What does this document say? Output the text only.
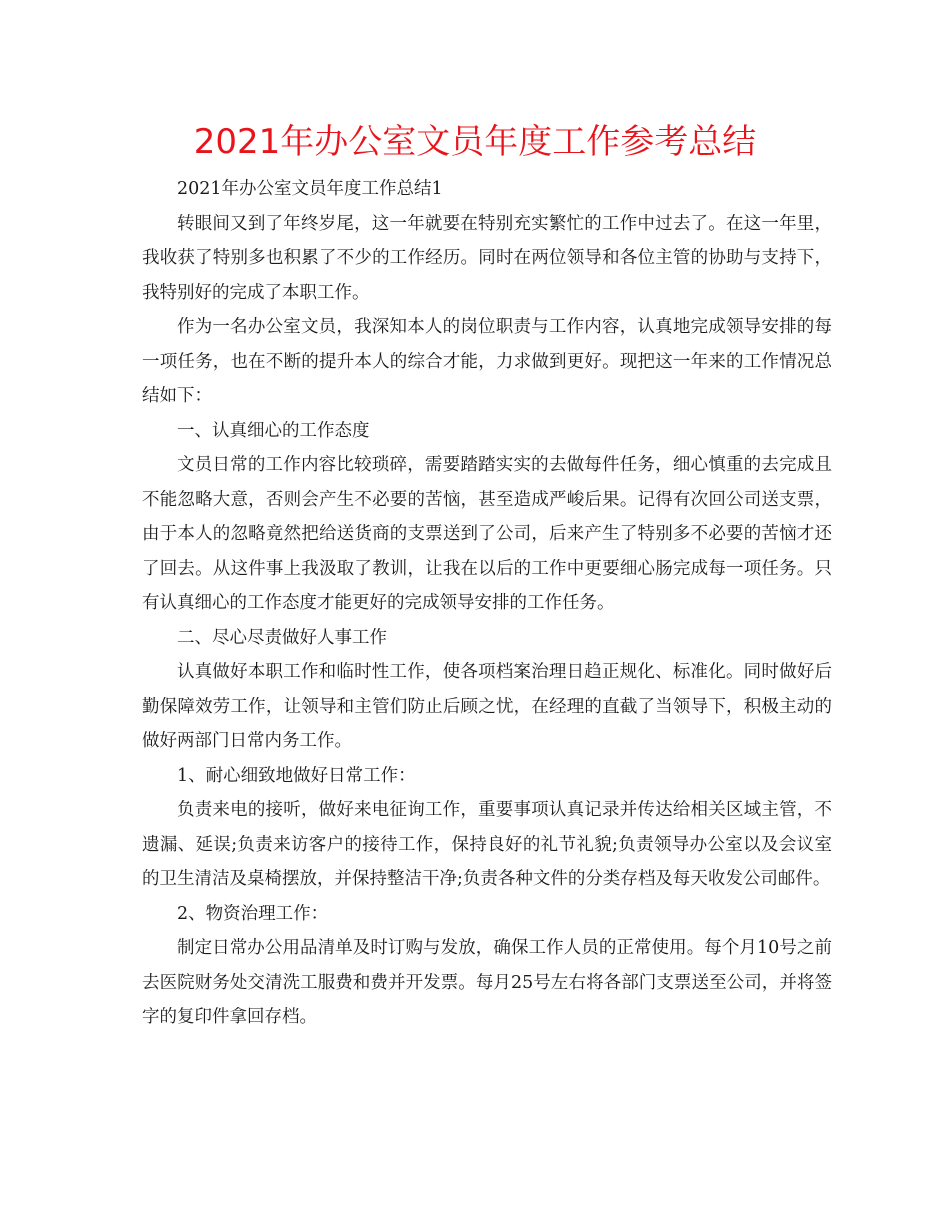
2021年办公室文员年度工作参考总结

2021年办公室文员年度工作总结1

转眼间又到了年终岁尾，这一年就要在特别充实繁忙的工作中过去了。在这一年里，我收获了特别多也积累了不少的工作经历。同时在两位领导和各位主管的协助与支持下，我特别好的完成了本职工作。

作为一名办公室文员，我深知本人的岗位职责与工作内容，认真地完成领导安排的每一项任务，也在不断的提升本人的综合才能，力求做到更好。现把这一年来的工作情况总结如下：

一、认真细心的工作态度

文员日常的工作内容比较琐碎，需要踏踏实实的去做每件任务，细心慎重的去完成且不能忽略大意，否则会产生不必要的苦恼，甚至造成严峻后果。记得有次回公司送支票，由于本人的忽略竟然把给送货商的支票送到了公司，后来产生了特别多不必要的苦恼才还了回去。从这件事上我汲取了教训，让我在以后的工作中更要细心肠完成每一项任务。只有认真细心的工作态度才能更好的完成领导安排的工作任务。

二、尽心尽责做好人事工作

认真做好本职工作和临时性工作，使各项档案治理日趋正规化、标准化。同时做好后勤保障效劳工作，让领导和主管们防止后顾之忧，在经理的直截了当领导下，积极主动的做好两部门日常内务工作。

1、耐心细致地做好日常工作：

负责来电的接听，做好来电征询工作，重要事项认真记录并传达给相关区域主管，不遗漏、延误;负责来访客户的接待工作，保持良好的礼节礼貌;负责领导办公室以及会议室的卫生清洁及桌椅摆放，并保持整洁干净;负责各种文件的分类存档及每天收发公司邮件。

2、物资治理工作：

制定日常办公用品清单及时订购与发放，确保工作人员的正常使用。每个月10号之前去医院财务处交清洗工服费和费并开发票。每月25号左右将各部门支票送至公司，并将签字的复印件拿回存档。
